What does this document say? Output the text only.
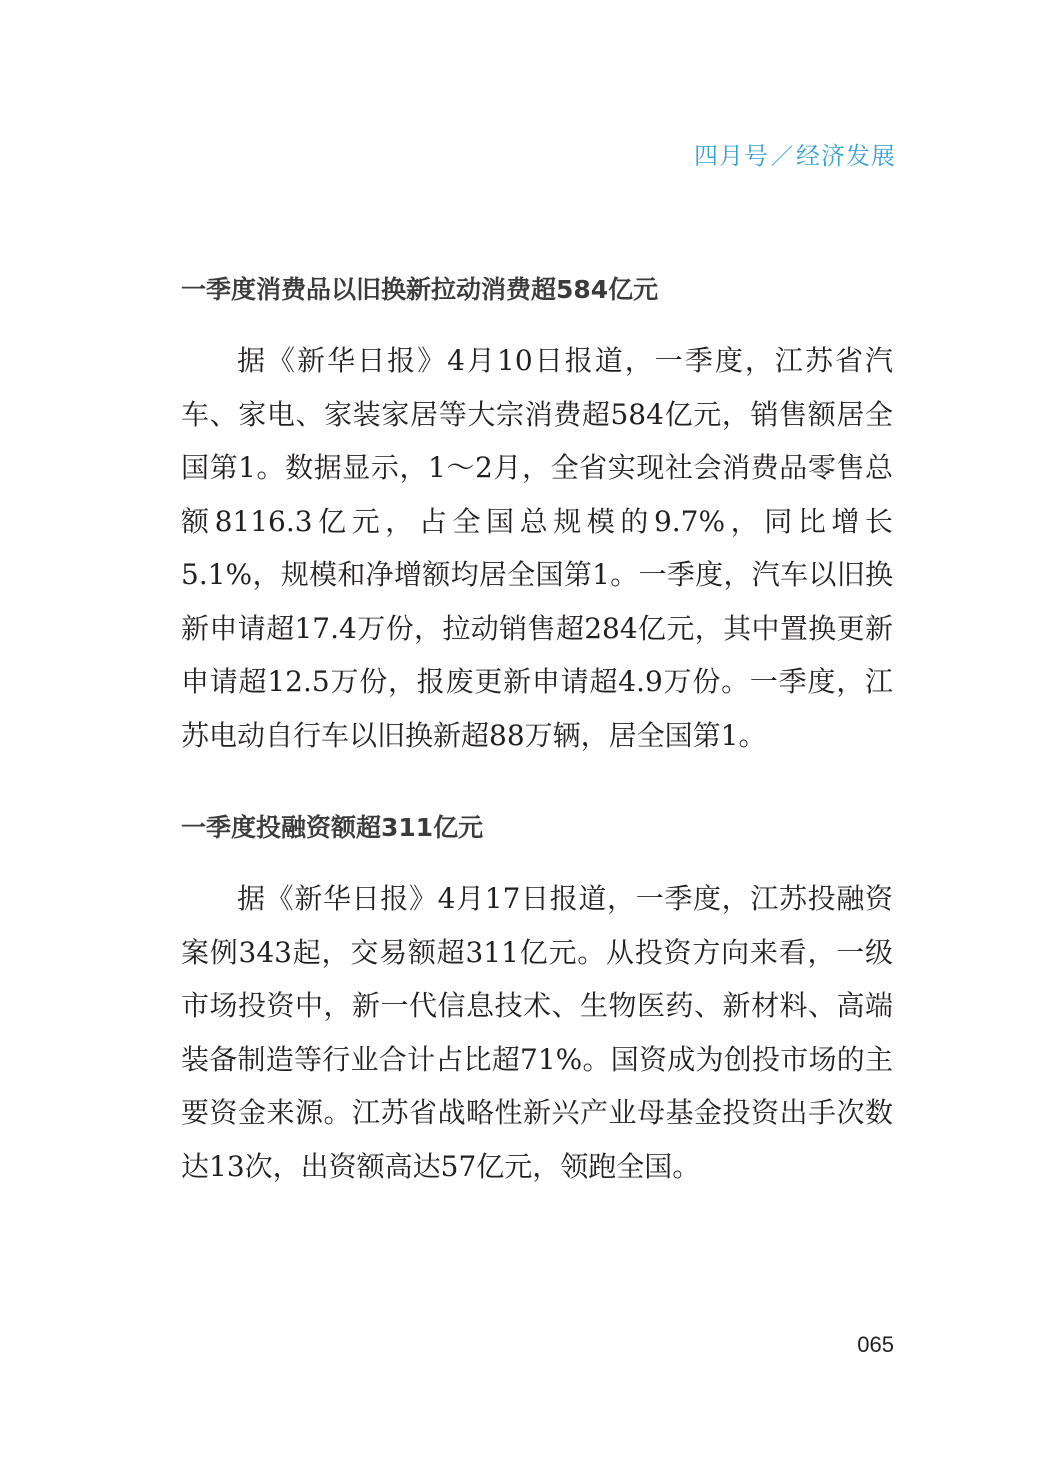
四月号／经济发展
一季度消费品以旧换新拉动消费超584亿元

据《新华日报》4月10日报道，一季度，江苏省汽车、家电、家装家居等大宗消费超584亿元，销售额居全国第1。数据显示，1～2月，全省实现社会消费品零售总额8116.3亿元，占全国总规模的9.7%，同比增长5.1%，规模和净增额均居全国第1。一季度，汽车以旧换新申请超17.4万份，拉动销售超284亿元，其中置换更新申请超12.5万份，报废更新申请超4.9万份。一季度，江苏电动自行车以旧换新超88万辆，居全国第1。

一季度投融资额超311亿元

据《新华日报》4月17日报道，一季度，江苏投融资案例343起，交易额超311亿元。从投资方向来看，一级市场投资中，新一代信息技术、生物医药、新材料、高端装备制造等行业合计占比超71%。国资成为创投市场的主要资金来源。江苏省战略性新兴产业母基金投资出手次数达13次，出资额高达57亿元，领跑全国。

065
